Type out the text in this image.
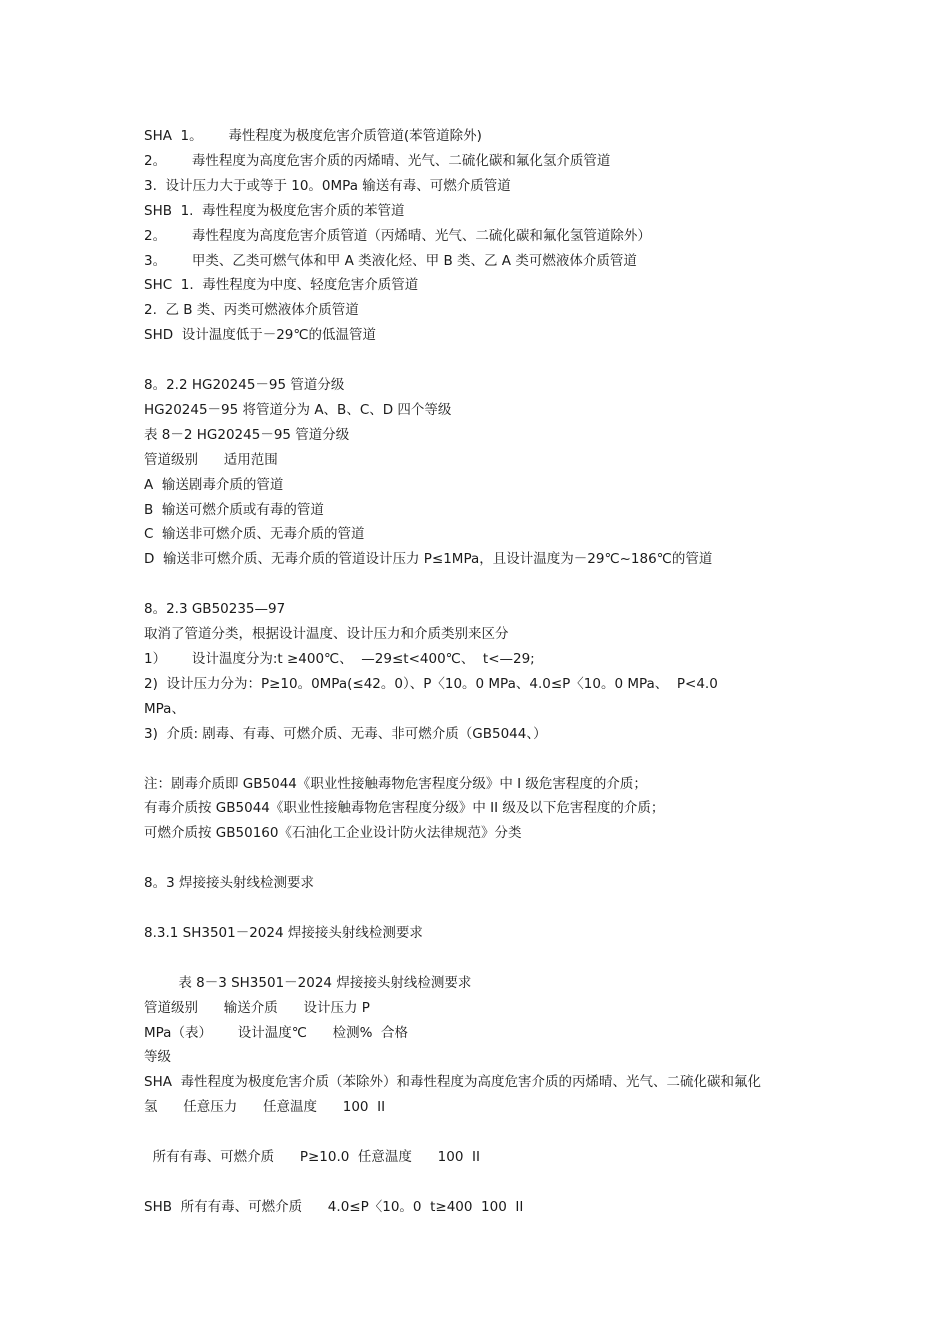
SHA  1。      毒性程度为极度危害介质管道(苯管道除外)
2。      毒性程度为高度危害介质的丙烯晴、光气、二硫化碳和氟化氢介质管道
3.  设计压力大于或等于 10。0MPa 输送有毒、可燃介质管道
SHB  1.  毒性程度为极度危害介质的苯管道
2。      毒性程度为高度危害介质管道（丙烯晴、光气、二硫化碳和氟化氢管道除外）
3。      甲类、乙类可燃气体和甲 A 类液化烃、甲 B 类、乙 A 类可燃液体介质管道
SHC  1.  毒性程度为中度、轻度危害介质管道
2.  乙 B 类、丙类可燃液体介质管道
SHD  设计温度低于－29℃的低温管道
8。2.2 HG20245－95 管道分级
HG20245－95 将管道分为 A、B、C、D 四个等级
表 8－2 HG20245－95 管道分级
管道级别      适用范围
A  输送剧毒介质的管道
B  输送可燃介质或有毒的管道
C  输送非可燃介质、无毒介质的管道
D  输送非可燃介质、无毒介质的管道设计压力 P≤1MPa，且设计温度为－29℃~186℃的管道
8。2.3 GB50235—97
取消了管道分类，根据设计温度、设计压力和介质类别来区分
1）      设计温度分为:t ≥400℃、  —29≤t<400℃、  t<—29;
2)  设计压力分为：P≥10。0MPa(≤42。0）、P〈10。0 MPa、4.0≤P〈10。0 MPa、  P<4.0
MPa、
3)  介质: 剧毒、有毒、可燃介质、无毒、非可燃介质（GB5044、）
注：剧毒介质即 GB5044《职业性接触毒物危害程度分级》中 I 级危害程度的介质；
有毒介质按 GB5044《职业性接触毒物危害程度分级》中 II 级及以下危害程度的介质；
可燃介质按 GB50160《石油化工企业设计防火法律规范》分类
8。3 焊接接头射线检测要求
8.3.1 SH3501－2024 焊接接头射线检测要求
表 8－3 SH3501－2024 焊接接头射线检测要求
管道级别      输送介质      设计压力 P
MPa（表）      设计温度℃      检测%  合格
等级
SHA  毒性程度为极度危害介质（苯除外）和毒性程度为高度危害介质的丙烯晴、光气、二硫化碳和氟化
氢      任意压力      任意温度      100  II
所有有毒、可燃介质      P≥10.0  任意温度      100  II
SHB  所有有毒、可燃介质      4.0≤P〈10。0  t≥400  100  II
